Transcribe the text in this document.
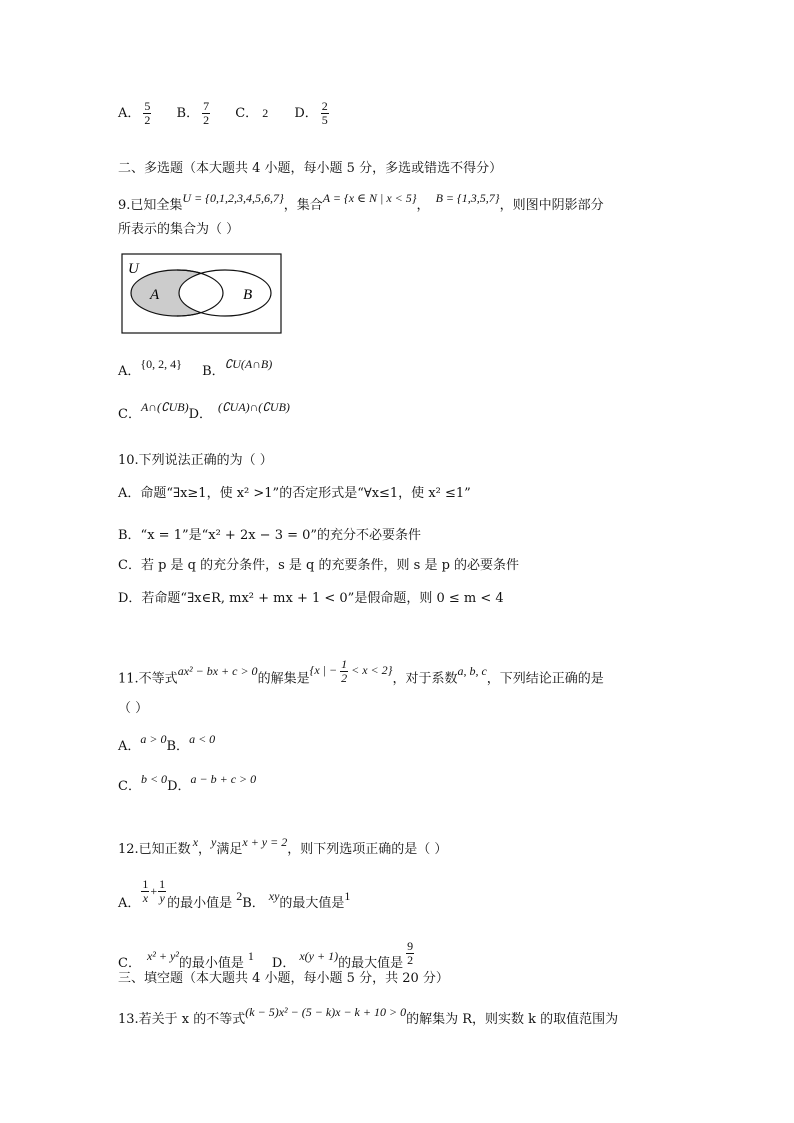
A． $\frac{5}{2}$ B． $\frac{7}{2}$ C． 2 D． $\frac{2}{5}$
二、多选题（本大题共 4 小题，每小题 5 分，多选或错选不得分）
9.已知全集U = {0,1,2,3,4,5,6,7}，集合A = {x ∈ N | x < 5}， B = {1,3,5,7}，则图中阴影部分
所表示的集合为（ ）
U
A	B
A．{0, 2, 4} B．∁U(A∩B)
C．A∩(∁UB)D． (∁UA)∩(∁UB)
10.下列说法正确的为（ ）
A．命题“∃x≥1，使 x² >1”的否定形式是“∀x≤1，使 x² ≤1”
B．“x = 1”是“x² + 2x − 3 = 0”的充分不必要条件
C．若 p 是 q 的充分条件，s 是 q 的充要条件，则 s 是 p 的必要条件
D．若命题“∃x∈R, mx² + mx + 1 < 0”是假命题，则 0 ≤ m < 4
11.不等式ax² − bx + c > 0的解集是{x | − $\frac{1}{2} < x < 2$}，对于系数a, b, c，下列结论正确的是
（ ）
A．a > 0B．a < 0
C．b < 0D．a − b + c > 0
12.已知正数 x，y满足x + y = 2，则下列选项正确的是（ ）
A． $\frac{1}{x} + \frac{1}{y}$ 的最小值是 2B． xy的最大值是1
C． x² + y²的最小值是 1 D． x(y + 1)的最大值是 $\frac{9}{2}$
三、填空题（本大题共 4 小题，每小题 5 分，共 20 分）
13.若关于 x 的不等式(k − 5)x² − (5 − k)x − k + 10 > 0的解集为 R，则实数 k 的取值范围为
